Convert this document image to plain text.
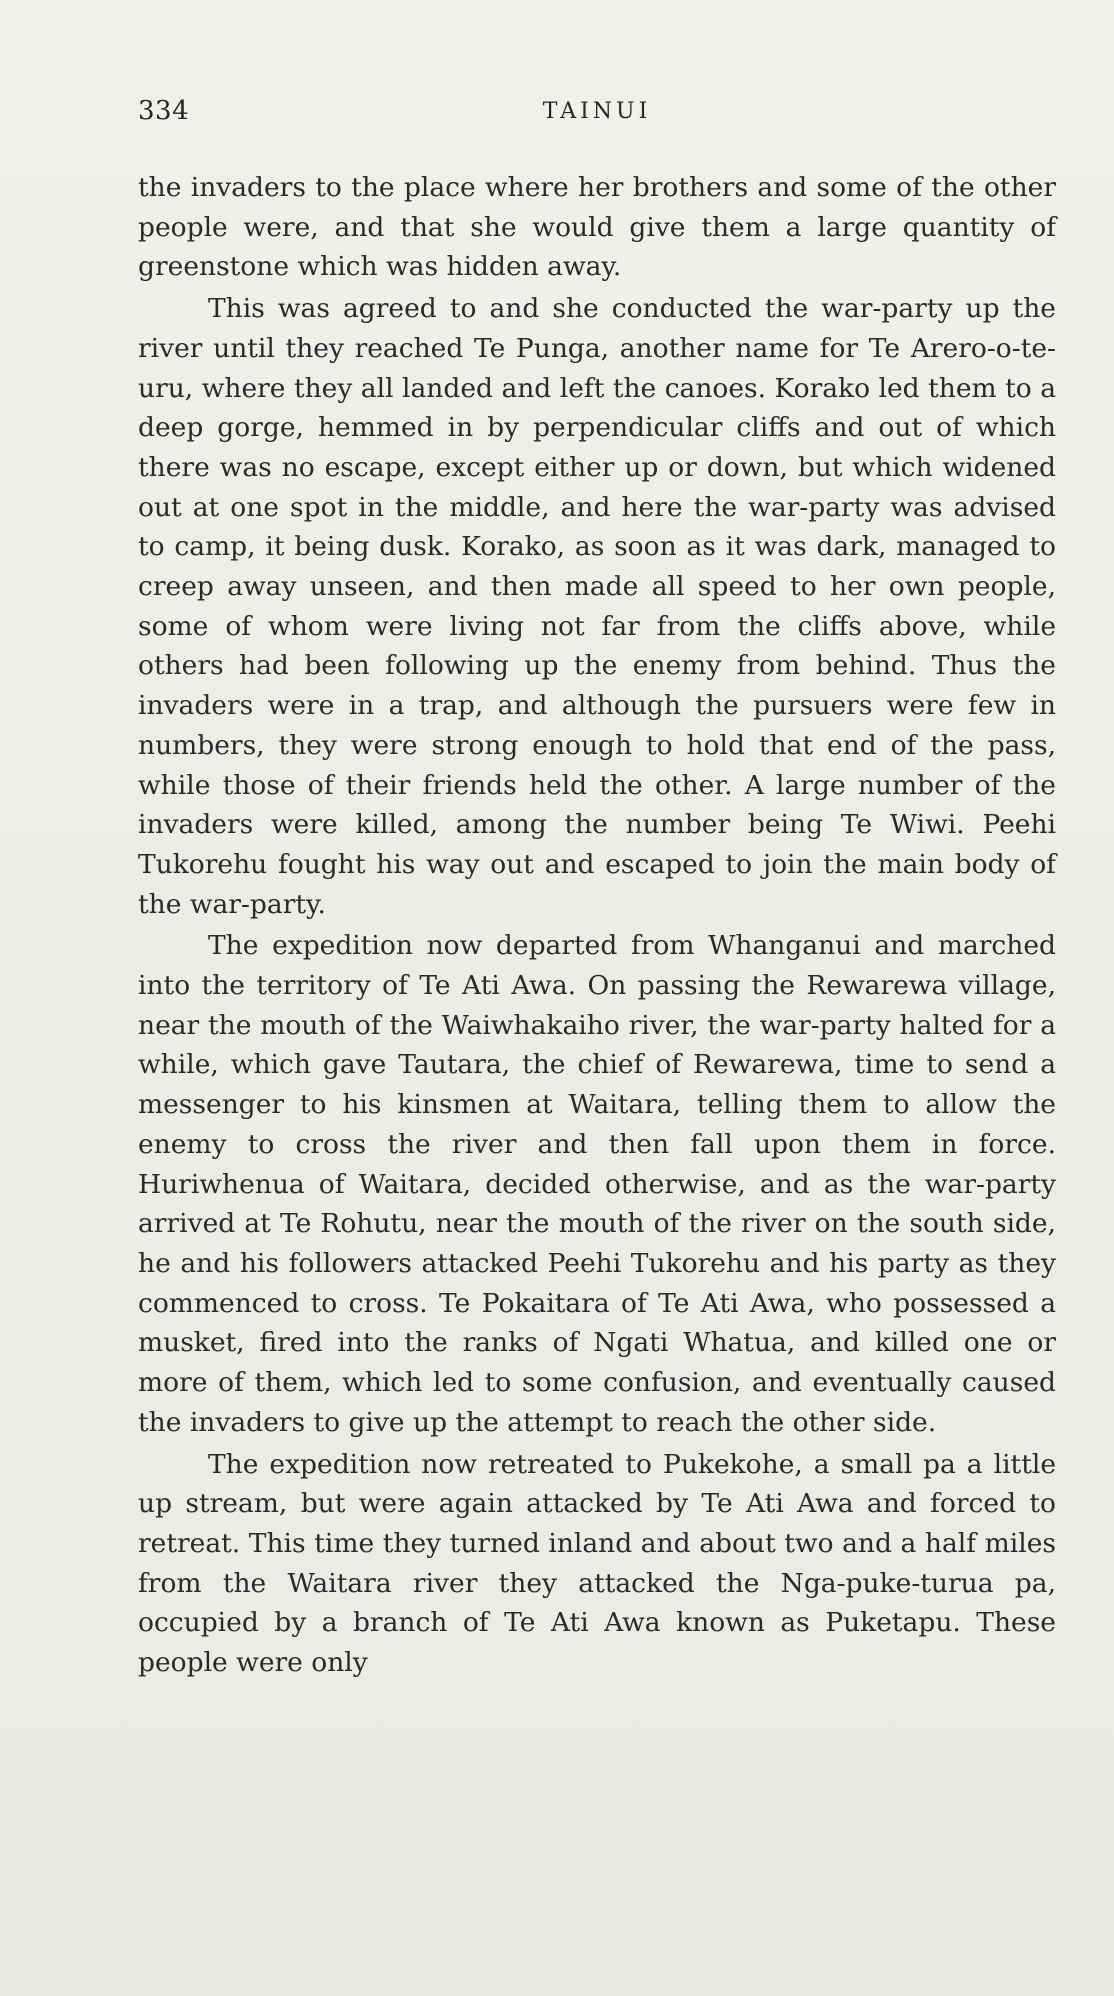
334	TAINUI

the invaders to the place where her brothers and some of the other people were, and that she would give them a large quantity of greenstone which was hidden away.

This was agreed to and she conducted the war-party up the river until they reached Te Punga, another name for Te Arero-o-te-uru, where they all landed and left the canoes. Korako led them to a deep gorge, hemmed in by perpendicular cliffs and out of which there was no escape, except either up or down, but which widened out at one spot in the middle, and here the war-party was advised to camp, it being dusk. Korako, as soon as it was dark, managed to creep away unseen, and then made all speed to her own people, some of whom were living not far from the cliffs above, while others had been following up the enemy from behind. Thus the invaders were in a trap, and although the pursuers were few in numbers, they were strong enough to hold that end of the pass, while those of their friends held the other. A large number of the invaders were killed, among the number being Te Wiwi. Peehi Tukorehu fought his way out and escaped to join the main body of the war-party.

The expedition now departed from Whanganui and marched into the territory of Te Ati Awa. On passing the Rewarewa village, near the mouth of the Waiwhakaiho river, the war-party halted for a while, which gave Tautara, the chief of Rewarewa, time to send a messenger to his kinsmen at Waitara, telling them to allow the enemy to cross the river and then fall upon them in force. Huriwhenua of Waitara, decided otherwise, and as the war-party arrived at Te Rohutu, near the mouth of the river on the south side, he and his followers attacked Peehi Tukorehu and his party as they commenced to cross. Te Pokaitara of Te Ati Awa, who possessed a musket, fired into the ranks of Ngati Whatua, and killed one or more of them, which led to some confusion, and eventually caused the invaders to give up the attempt to reach the other side.

The expedition now retreated to Pukekohe, a small pa a little up stream, but were again attacked by Te Ati Awa and forced to retreat. This time they turned inland and about two and a half miles from the Waitara river they attacked the Nga-puke-turua pa, occupied by a branch of Te Ati Awa known as Puketapu. These people were only
